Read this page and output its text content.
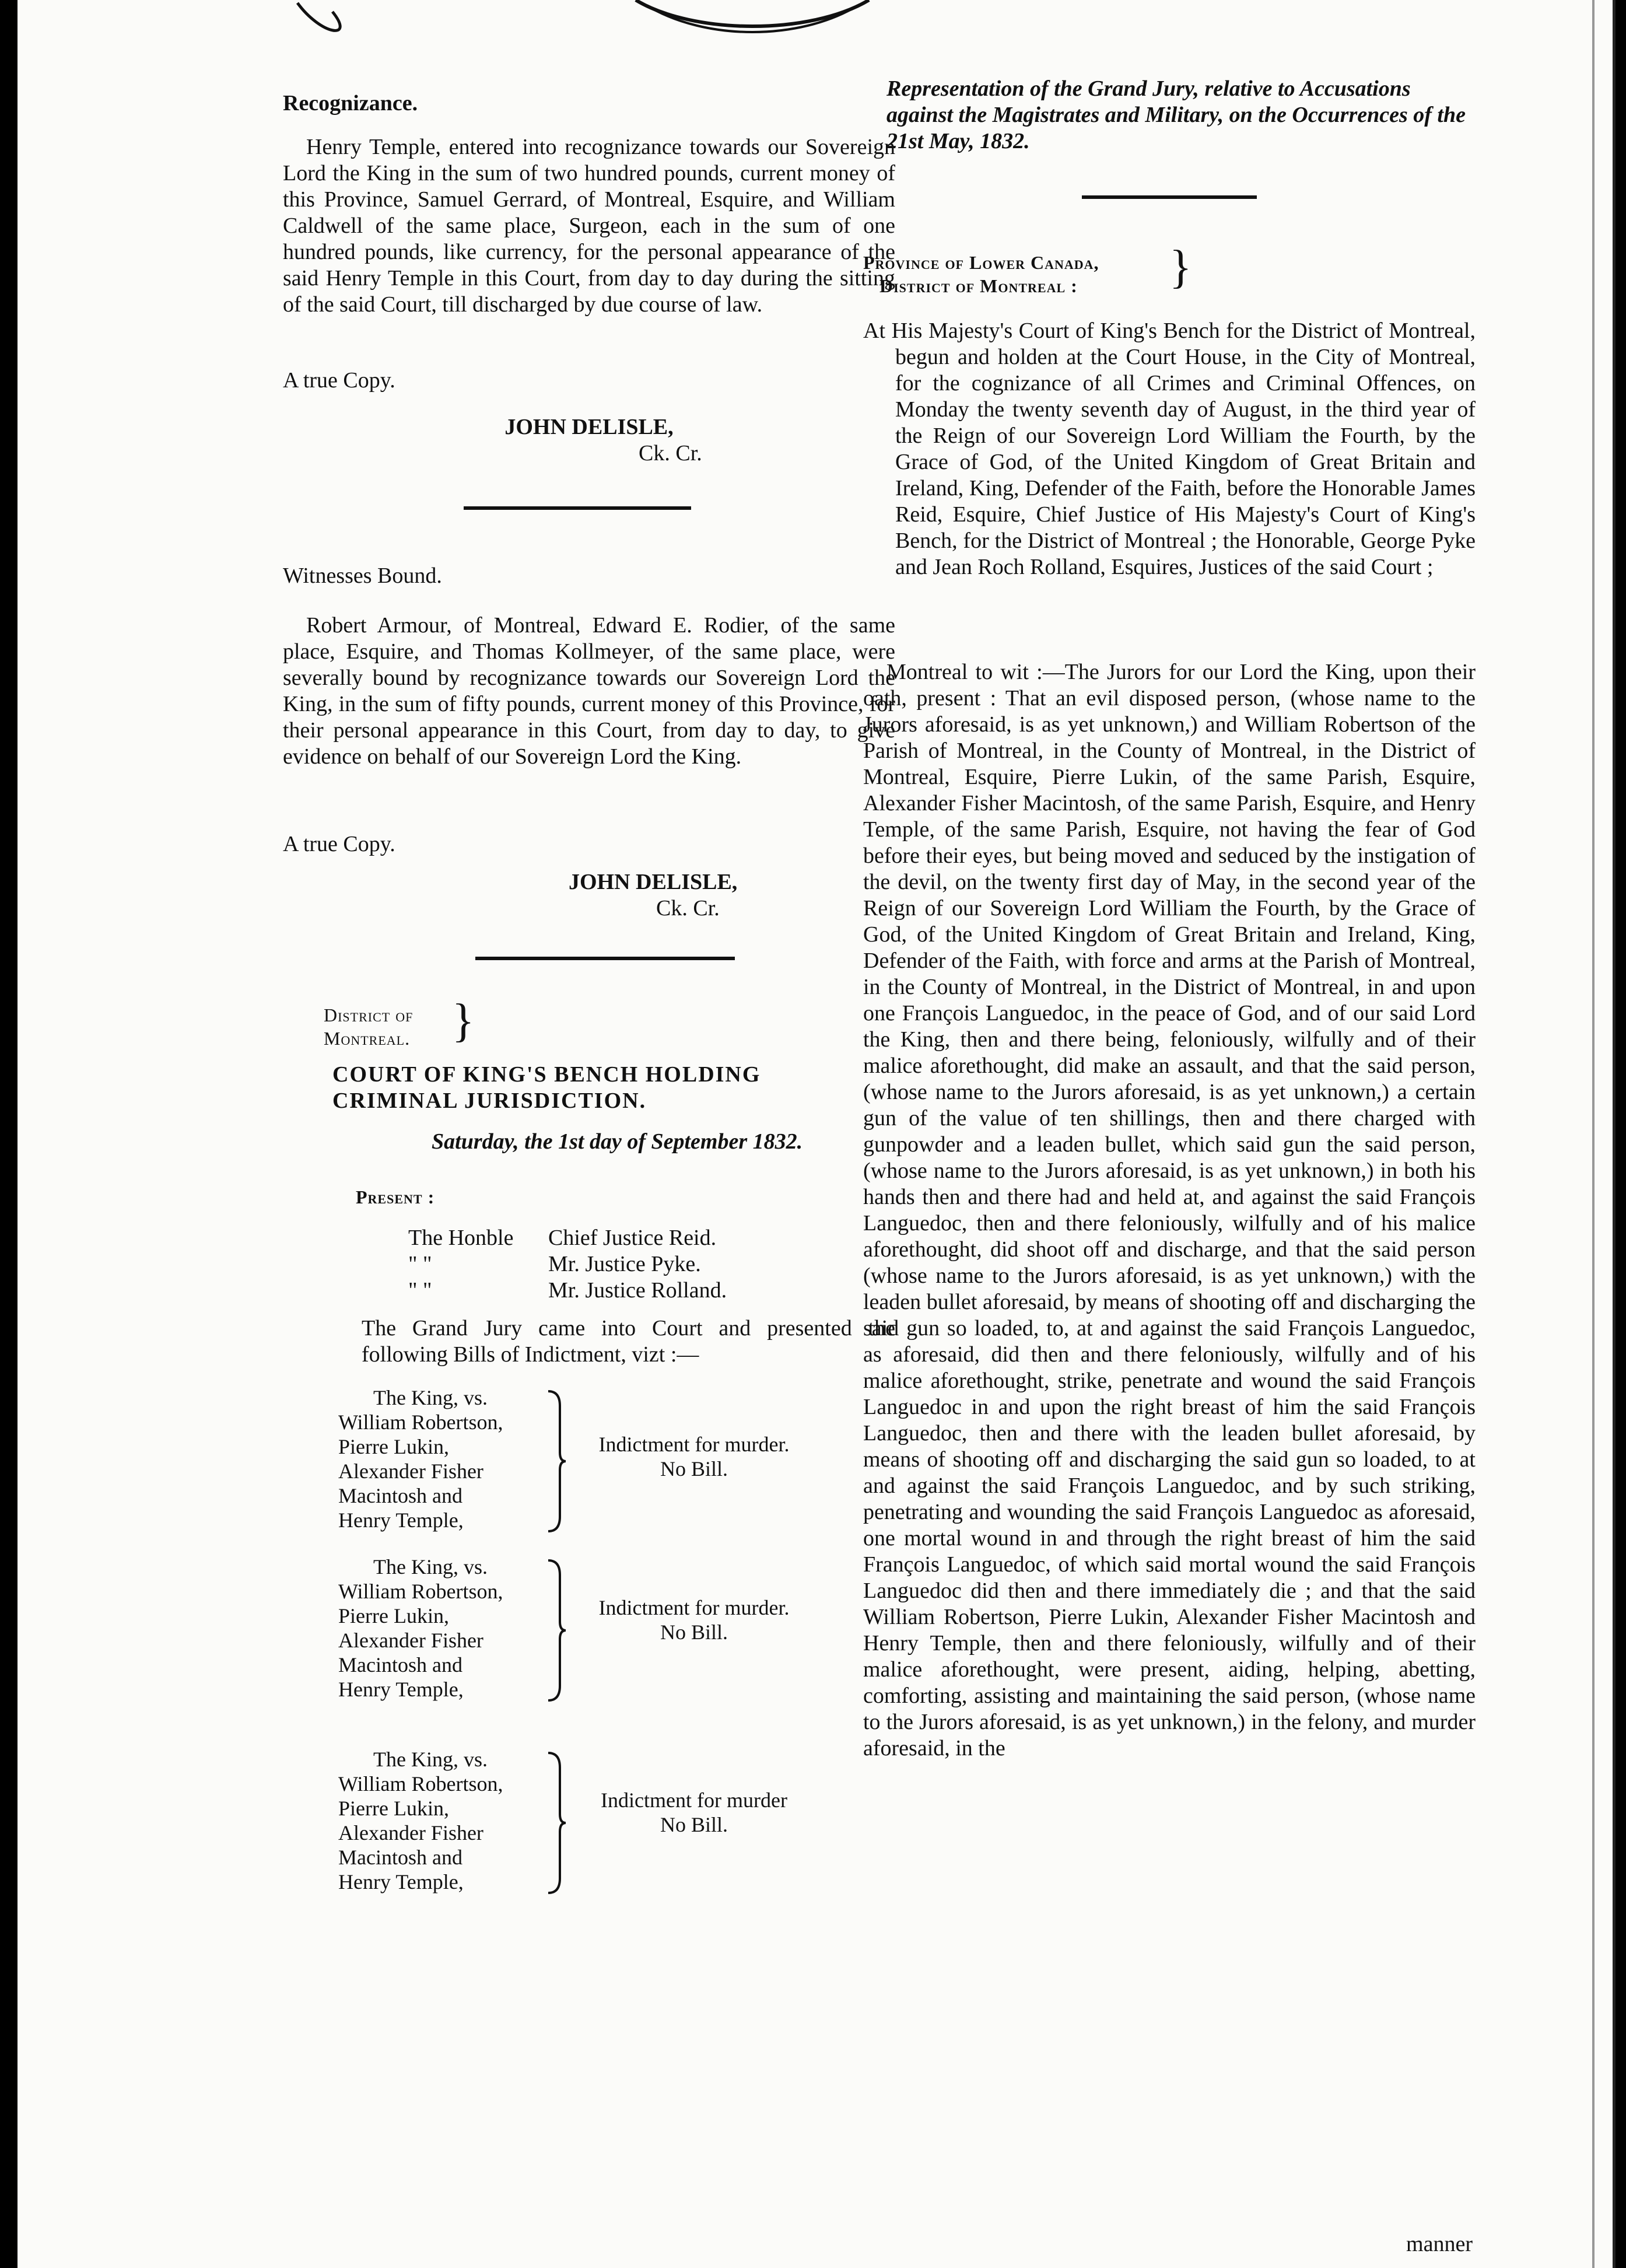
Recognizance.

Henry Temple, entered into recognizance towards our Sovereign Lord the King in the sum of two hundred pounds, current money of this Province, Samuel Gerrard, of Montreal, Esquire, and William Caldwell of the same place, Surgeon, each in the sum of one hundred pounds, like currency, for the personal appearance of the said Henry Temple in this Court, from day to day during the sitting of the said Court, till discharged by due course of law.

A true Copy.
JOHN DELISLE,
Ck. Cr.
Witnesses Bound.

Robert Armour, of Montreal, Edward E. Rodier, of the same place, Esquire, and Thomas Kollmeyer, of the same place, were severally bound by recognizance towards our Sovereign Lord the King, in the sum of fifty pounds, current money of this Province, for their personal appearance in this Court, from day to day, to give evidence on behalf of our Sovereign Lord the King.

A true Copy.
JOHN DELISLE,
Ck. Cr.
District of
Montreal. }
COURT OF KING'S BENCH HOLDING
CRIMINAL JURISDICTION.
Saturday, the 1st day of September 1832.
Present :
The Honble Chief Justice Reid.
" "	Mr. Justice Pyke.
" "	Mr. Justice Rolland.

The Grand Jury came into Court and presented the following Bills of Indictment, vizt :—

The King, vs.
William Robertson,
Pierre Lukin,
Alexander Fisher
Macintosh and
Henry Temple,
Indictment for murder.
No Bill.
The King, vs.
William Robertson,
Pierre Lukin,
Alexander Fisher
Macintosh and
Henry Temple,
Indictment for murder.
No Bill.
The King, vs.
William Robertson,
Pierre Lukin,
Alexander Fisher
Macintosh and
Henry Temple,
Indictment for murder
No Bill.

Representation of the Grand Jury, relative to Accusations against the Magistrates and Military, on the Occurrences of the 21st May, 1832.

Province of Lower Canada,
District of Montreal :	}

At His Majesty's Court of King's Bench for the District of Montreal, begun and holden at the Court House, in the City of Montreal, for the cognizance of all Crimes and Criminal Offences, on Monday the twenty seventh day of August, in the third year of the Reign of our Sovereign Lord William the Fourth, by the Grace of God, of the United Kingdom of Great Britain and Ireland, King, Defender of the Faith, before the Honorable James Reid, Esquire, Chief Justice of His Majesty's Court of King's Bench, for the District of Montreal ; the Honorable, George Pyke and Jean Roch Rolland, Esquires, Justices of the said Court ;

Montreal to wit :—The Jurors for our Lord the King, upon their oath, present : That an evil disposed person, (whose name to the Jurors aforesaid, is as yet unknown,) and William Robertson of the Parish of Montreal, in the County of Montreal, in the District of Montreal, Esquire, Pierre Lukin, of the same Parish, Esquire, Alexander Fisher Macintosh, of the same Parish, Esquire, and Henry Temple, of the same Parish, Esquire, not having the fear of God before their eyes, but being moved and seduced by the instigation of the devil, on the twenty first day of May, in the second year of the Reign of our Sovereign Lord William the Fourth, by the Grace of God, of the United Kingdom of Great Britain and Ireland, King, Defender of the Faith, with force and arms at the Parish of Montreal, in the County of Montreal, in the District of Montreal, in and upon one François Languedoc, in the peace of God, and of our said Lord the King, then and there being, feloniously, wilfully and of their malice aforethought, did make an assault, and that the said person, (whose name to the Jurors aforesaid, is as yet unknown,) a certain gun of the value of ten shillings, then and there charged with gunpowder and a leaden bullet, which said gun the said person, (whose name to the Jurors aforesaid, is as yet unknown,) in both his hands then and there had and held at, and against the said François Languedoc, then and there feloniously, wilfully and of his malice aforethought, did shoot off and discharge, and that the said person (whose name to the Jurors aforesaid, is as yet unknown,) with the leaden bullet aforesaid, by means of shooting off and discharging the said gun so loaded, to, at and against the said François Languedoc, as aforesaid, did then and there feloniously, wilfully and of his malice aforethought, strike, penetrate and wound the said François Languedoc in and upon the right breast of him the said François Languedoc, then and there with the leaden bullet aforesaid, by means of shooting off and discharging the said gun so loaded, to at and against the said François Languedoc, and by such striking, penetrating and wounding the said François Languedoc as aforesaid, one mortal wound in and through the right breast of him the said François Languedoc, of which said mortal wound the said François Languedoc did then and there immediately die ; and that the said William Robertson, Pierre Lukin, Alexander Fisher Macintosh and Henry Temple, then and there feloniously, wilfully and of their malice aforethought, were present, aiding, helping, abetting, comforting, assisting and maintaining the said person, (whose name to the Jurors aforesaid, is as yet unknown,) in the felony, and murder aforesaid, in the

manner
